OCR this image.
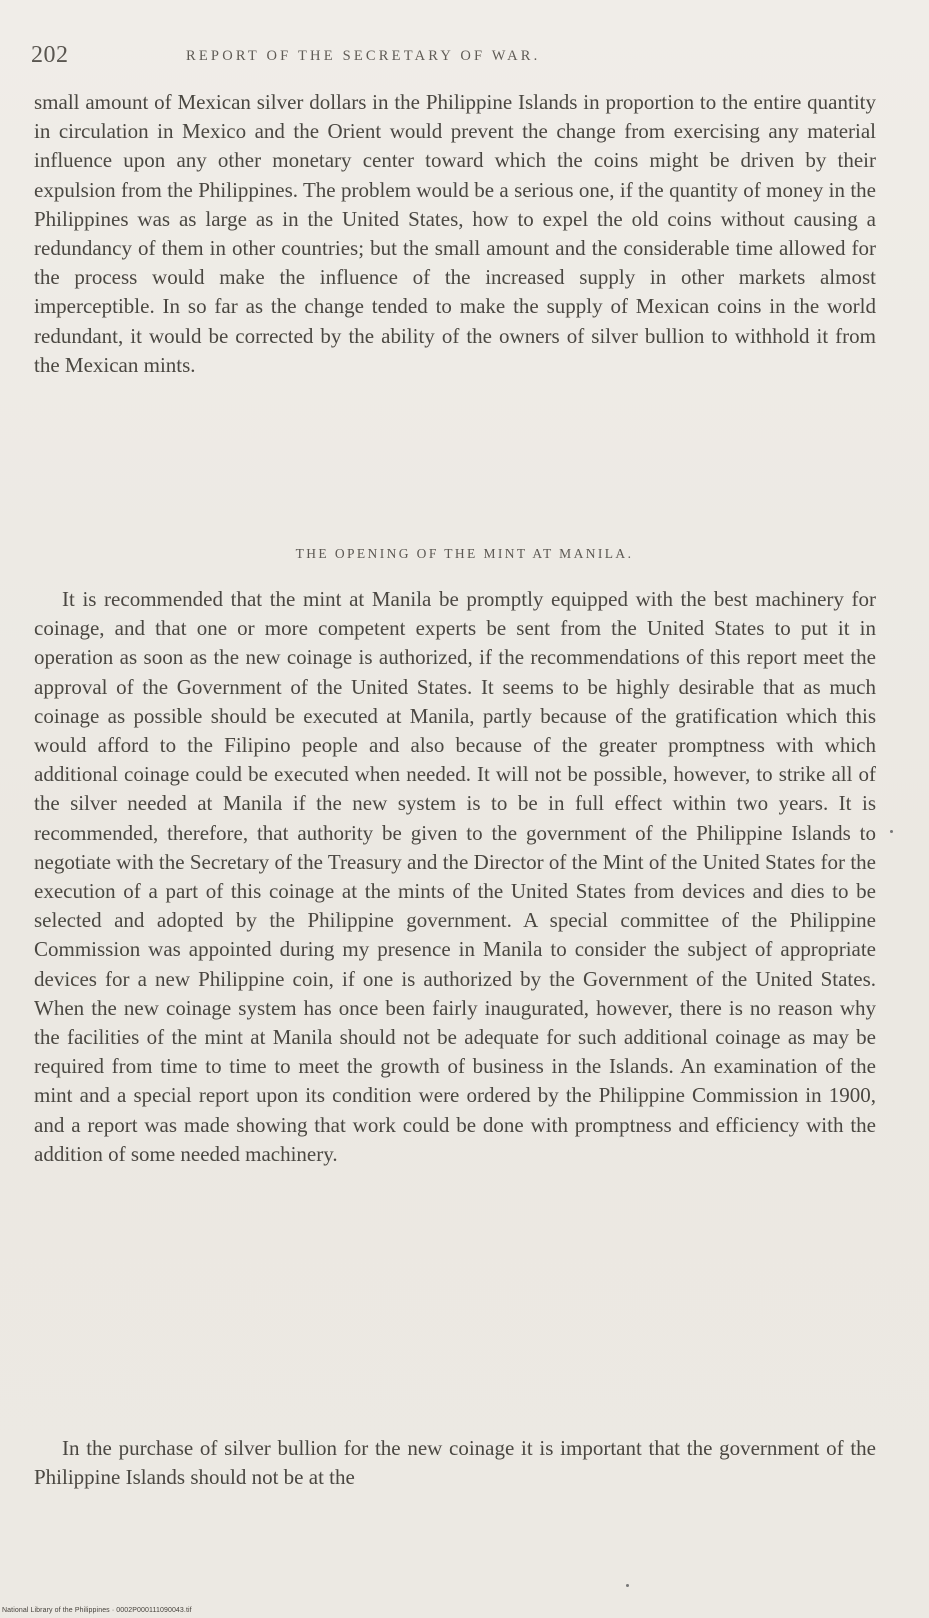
202	REPORT OF THE SECRETARY OF WAR.

small amount of Mexican silver dollars in the Philippine Islands in proportion to the entire quantity in circulation in Mexico and the Orient would prevent the change from exercising any material influence upon any other monetary center toward which the coins might be driven by their expulsion from the Philippines. The problem would be a serious one, if the quantity of money in the Philippines was as large as in the United States, how to expel the old coins without causing a redundancy of them in other countries; but the small amount and the considerable time allowed for the process would make the influence of the increased supply in other markets almost imperceptible. In so far as the change tended to make the supply of Mexican coins in the world redundant, it would be corrected by the ability of the owners of silver bullion to withhold it from the Mexican mints.

THE OPENING OF THE MINT AT MANILA.

It is recommended that the mint at Manila be promptly equipped with the best machinery for coinage, and that one or more competent experts be sent from the United States to put it in operation as soon as the new coinage is authorized, if the recommendations of this report meet the approval of the Government of the United States. It seems to be highly desirable that as much coinage as possible should be executed at Manila, partly because of the gratification which this would afford to the Filipino people and also because of the greater promptness with which additional coinage could be executed when needed. It will not be possible, however, to strike all of the silver needed at Manila if the new system is to be in full effect within two years. It is recommended, therefore, that authority be given to the government of the Philippine Islands to negotiate with the Secretary of the Treasury and the Director of the Mint of the United States for the execution of a part of this coinage at the mints of the United States from devices and dies to be selected and adopted by the Philippine government. A special committee of the Philippine Commission was appointed during my presence in Manila to consider the subject of appropriate devices for a new Philippine coin, if one is authorized by the Government of the United States. When the new coinage system has once been fairly inaugurated, however, there is no reason why the facilities of the mint at Manila should not be adequate for such additional coinage as may be required from time to time to meet the growth of business in the Islands. An examination of the mint and a special report upon its condition were ordered by the Philippine Commission in 1900, and a report was made showing that work could be done with promptness and efficiency with the addition of some needed machinery.

In the purchase of silver bullion for the new coinage it is important that the government of the Philippine Islands should not be at the

National Library of the Philippines · 0002P000111090043.tif
